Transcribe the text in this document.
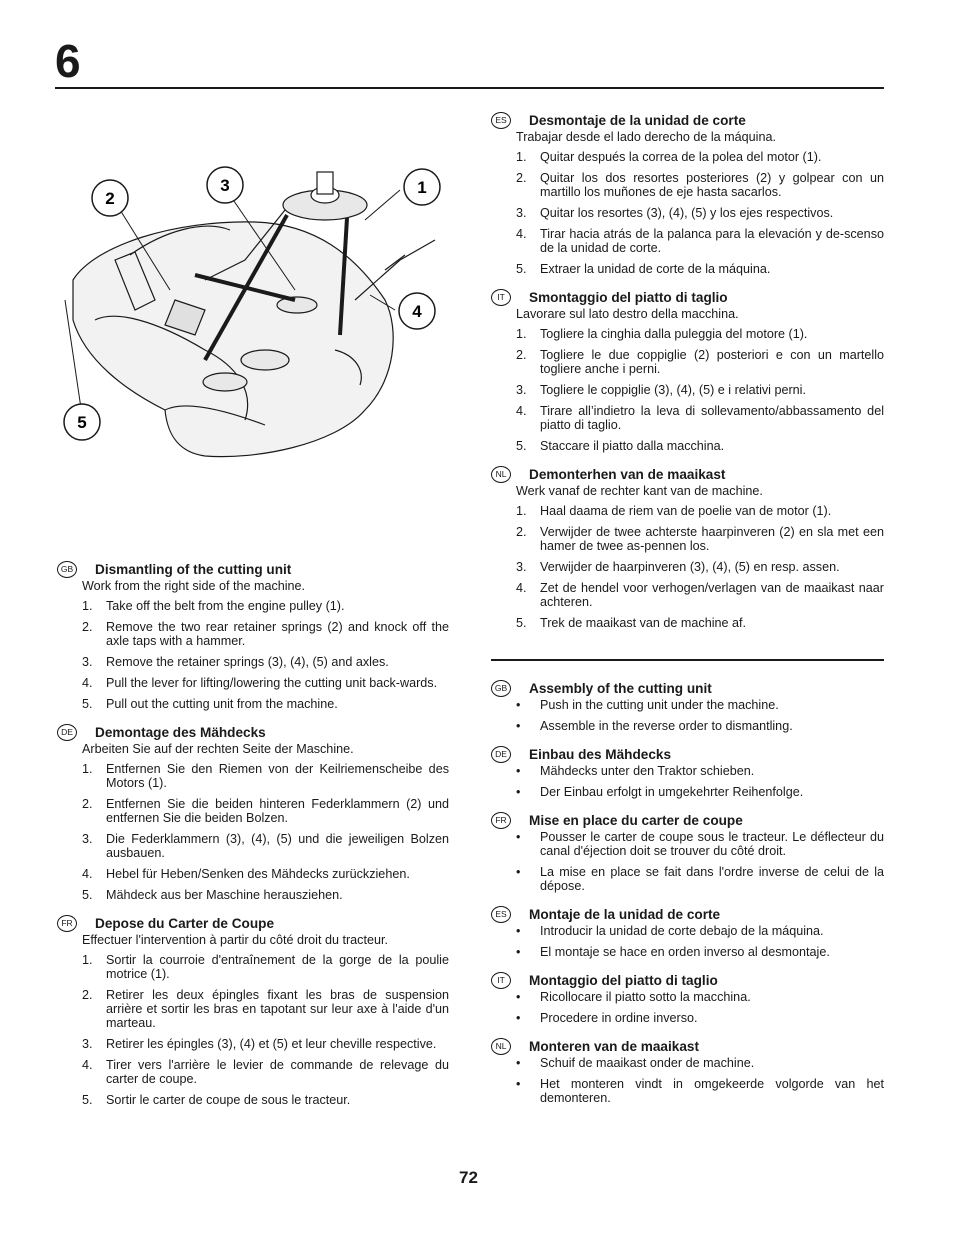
6
1
2
3
4
5
GB Dismantling of the cutting unit
Work from the right side of the machine.
1.	Take off the belt from the engine pulley (1).
2.	Remove the two rear retainer springs (2) and knock off the axle taps with a hammer.
3.	Remove the retainer springs (3), (4), (5) and axles.
4.	Pull the lever for lifting/lowering the cutting unit back-wards.
5.	Pull out the cutting unit from the machine.
DE	Demontage des Mähdecks
Arbeiten Sie auf der rechten Seite der Maschine.
1.	Entfernen Sie den Riemen von der Keilriemenscheibe des Motors (1).
2.	Entfernen Sie die beiden hinteren Federklammern (2) und entfernen Sie die beiden Bolzen.
3.	Die Federklammern (3), (4), (5) und die jeweiligen Bolzen ausbauen.
4.	Hebel für Heben/Senken des Mähdecks zurückziehen.
5.	Mähdeck aus ber Maschine herausziehen.
FR	Depose du Carter de Coupe
Effectuer l'intervention à partir du côté droit du tracteur.
1.	Sortir la courroie d'entraînement de la gorge de la poulie motrice (1).
2.	Retirer les deux épingles fixant les bras de suspension arrière et sortir les bras en tapotant sur leur axe à l'aide d'un marteau.
3.	Retirer les épingles (3), (4) et (5) et leur cheville respective.
4.	Tirer vers l'arrière le levier de commande de relevage du carter de coupe.
5.	Sortir le carter de coupe de sous le tracteur.
ES	Desmontaje de la unidad de corte
Trabajar desde el lado derecho de la máquina.
1.	Quitar después la correa de la polea del motor (1).
2.	Quitar los dos resortes posteriores (2) y golpear con un martillo los muñones de eje hasta sacarlos.
3.	Quitar los resortes (3), (4), (5) y los ejes respectivos.
4.	Tirar hacia atrás de la palanca para la elevación y de-scenso de la unidad de corte.
5.	Extraer la unidad de corte de la máquina.
IT	Smontaggio del piatto di taglio
Lavorare sul lato destro della macchina.
1.	Togliere la cinghia dalla puleggia del motore (1).
2.	Togliere le due coppiglie (2) posteriori e con un martello togliere anche i perni.
3.	Togliere le coppiglie (3), (4), (5) e i relativi perni.
4.	Tirare all’indietro la leva di sollevamento/abbassamento del piatto di taglio.
5.	Staccare il piatto dalla macchina.
NL	Demonterhen van de maaikast
Werk vanaf de rechter kant van de machine.
1.	Haal daama de riem van de poelie van de motor (1).
2.	Verwijder de twee achterste haarpinveren (2) en sla met een hamer de twee as-pennen los.
3.	Verwijder de haarpinveren (3), (4), (5) en resp. assen.
4.	Zet de hendel voor verhogen/verlagen van de maaikast naar achteren.
5.	Trek de maaikast van de machine af.
GB Assembly of the cutting unit
•	Push in the cutting unit under the machine.
•	Assemble in the reverse order to dismantling.
DE	Einbau des Mähdecks
•	Mähdecks unter den Traktor schieben.
•	Der Einbau erfolgt in umgekehrter Reihenfolge.
FR	Mise en place du carter de coupe
•	Pousser le carter de coupe sous le tracteur. Le déflecteur du canal d'éjection doit se trouver du côté droit.
•	La mise en place se fait dans l'ordre inverse de celui de la dépose.
ES	Montaje de la unidad de corte
•	Introducir la unidad de corte debajo de la máquina.
•	El montaje se hace en orden inverso al desmontaje.
IT	Montaggio del piatto di taglio
•	Ricollocare il piatto sotto la macchina.
•	Procedere in ordine inverso.
NL	Monteren van de maaikast
•	Schuif de maaikast onder de machine.
•	Het monteren vindt in omgekeerde volgorde van het demonteren.
72
